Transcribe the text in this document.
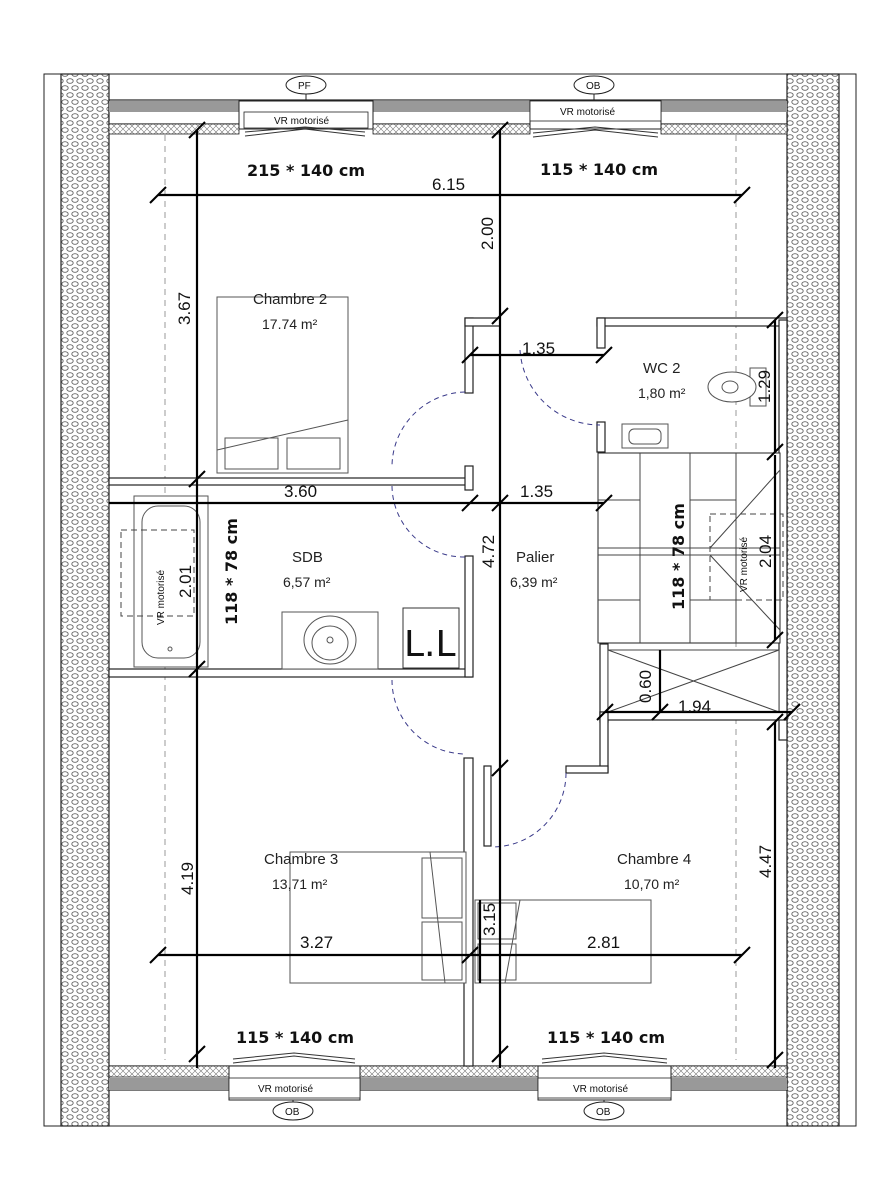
PF
VR motorisé
OB
VR motorisé
OB
VR motorisé
OB
VR motorisé
L.L
VR motorisé
VR motorisé
Chambre 2
17.74 m²
WC 2
1,80 m²
SDB
6,57 m²
Palier
6,39 m²
Chambre 3
13,71 m²
Chambre 4
10,70 m²
215 * 140 cm	115 * 140 cm
115 * 140 cm	115 * 140 cm
118 * 78 cm	118 * 78 cm
6.15
3.67
2.00
1.35
1.29
3.60	1.35
4.72
2.01
2.04
0.60
1.94
4.19
4.47
3.27	2.81
3.15
